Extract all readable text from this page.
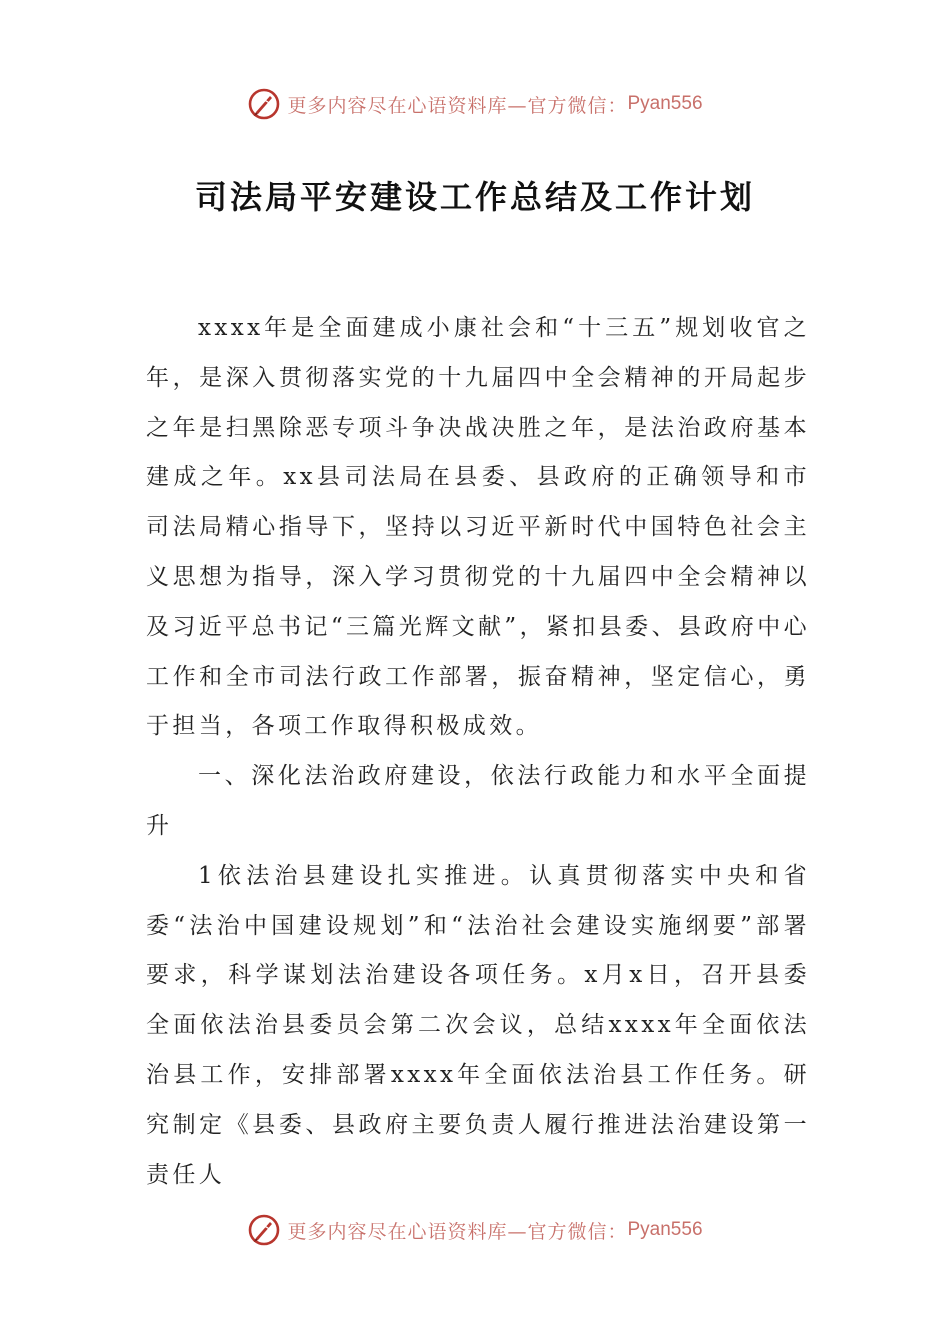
更多内容尽在心语资料库—官方微信： Pyan556
司法局平安建设工作总结及工作计划

xxxx年是全面建成小康社会和“十三五”规划收官之年，是深入贯彻落实党的十九届四中全会精神的开局起步之年是扫黑除恶专项斗争决战决胜之年，是法治政府基本建成之年。xx县司法局在县委、县政府的正确领导和市司法局精心指导下，坚持以习近平新时代中国特色社会主义思想为指导，深入学习贯彻党的十九届四中全会精神以及习近平总书记“三篇光辉文献”，紧扣县委、县政府中心工作和全市司法行政工作部署，振奋精神，坚定信心，勇于担当，各项工作取得积极成效。

一、深化法治政府建设，依法行政能力和水平全面提升

1依法治县建设扎实推进。认真贯彻落实中央和省委“法治中国建设规划”和“法治社会建设实施纲要”部署要求，科学谋划法治建设各项任务。x月x日，召开县委全面依法治县委员会第二次会议，总结xxxx年全面依法治县工作，安排部署xxxx年全面依法治县工作任务。研究制定《县委、县政府主要负责人履行推进法治建设第一责任人

更多内容尽在心语资料库—官方微信： Pyan556
